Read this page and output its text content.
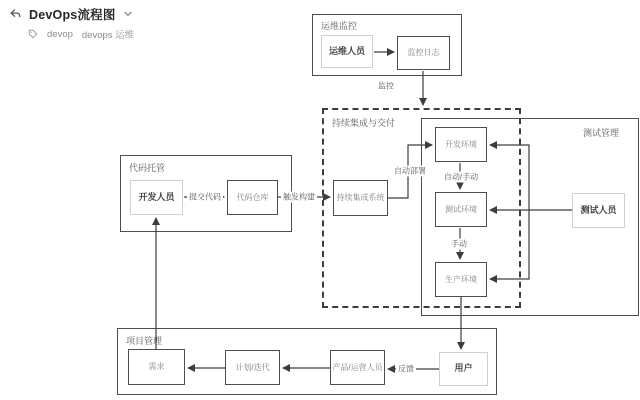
DevOps流程图
devop devops 运维
运维监控
代码托管
测试管理
持续集成与交付
项目管理
运维人员	监控日志
开发人员	代码仓库	持续集成系统
开发环境
测试环境
生产环境
测试人员
需求	计划/迭代	产品/运营人员	用户
提交代码	触发构建
自动部署
监控
自动/手动
手动
反馈
